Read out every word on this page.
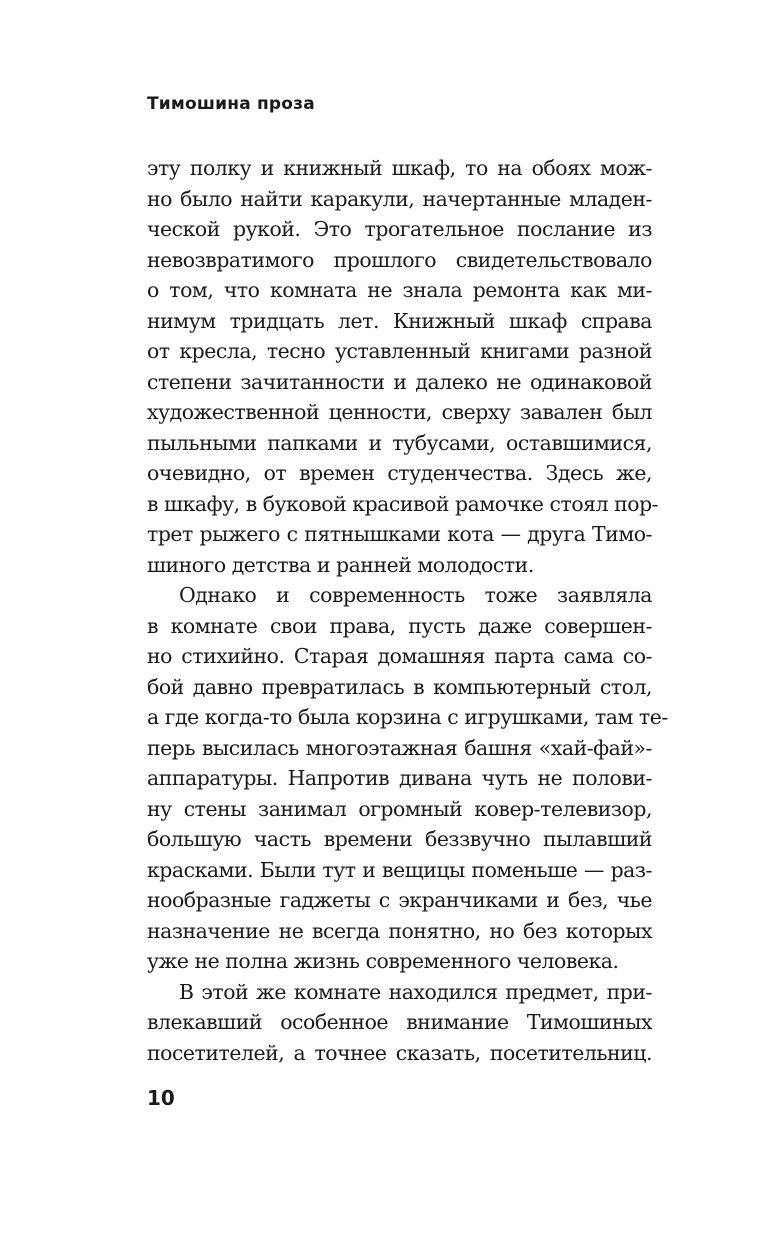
Тимошина проза
эту полку и книжный шкаф, то на обоях мож-
но было найти каракули, начертанные младен-
ческой рукой. Это трогательное послание из
невозвратимого прошлого свидетельствовало
о том, что комната не знала ремонта как ми-
нимум тридцать лет. Книжный шкаф справа
от кресла, тесно уставленный книгами разной
степени зачитанности и далеко не одинаковой
художественной ценности, сверху завален был
пыльными папками и тубусами, оставшимися,
очевидно, от времен студенчества. Здесь же,
в шкафу, в буковой красивой рамочке стоял пор-
трет рыжего с пятнышками кота — друга Тимо-
шиного детства и ранней молодости.
Однако и современность тоже заявляла
в комнате свои права, пусть даже совершен-
но стихийно. Старая домашняя парта сама со-
бой давно превратилась в компьютерный стол,
а где когда-то была корзина с игрушками, там те-
перь высилась многоэтажная башня «хай-фай»-
аппаратуры. Напротив дивана чуть не полови-
ну стены занимал огромный ковер-телевизор,
большую часть времени беззвучно пылавший
красками. Были тут и вещицы поменьше — раз-
нообразные гаджеты с экранчиками и без, чье
назначение не всегда понятно, но без которых
уже не полна жизнь современного человека.
В этой же комнате находился предмет, при-
влекавший особенное внимание Тимошиных
посетителей, а точнее сказать, посетительниц.
10
